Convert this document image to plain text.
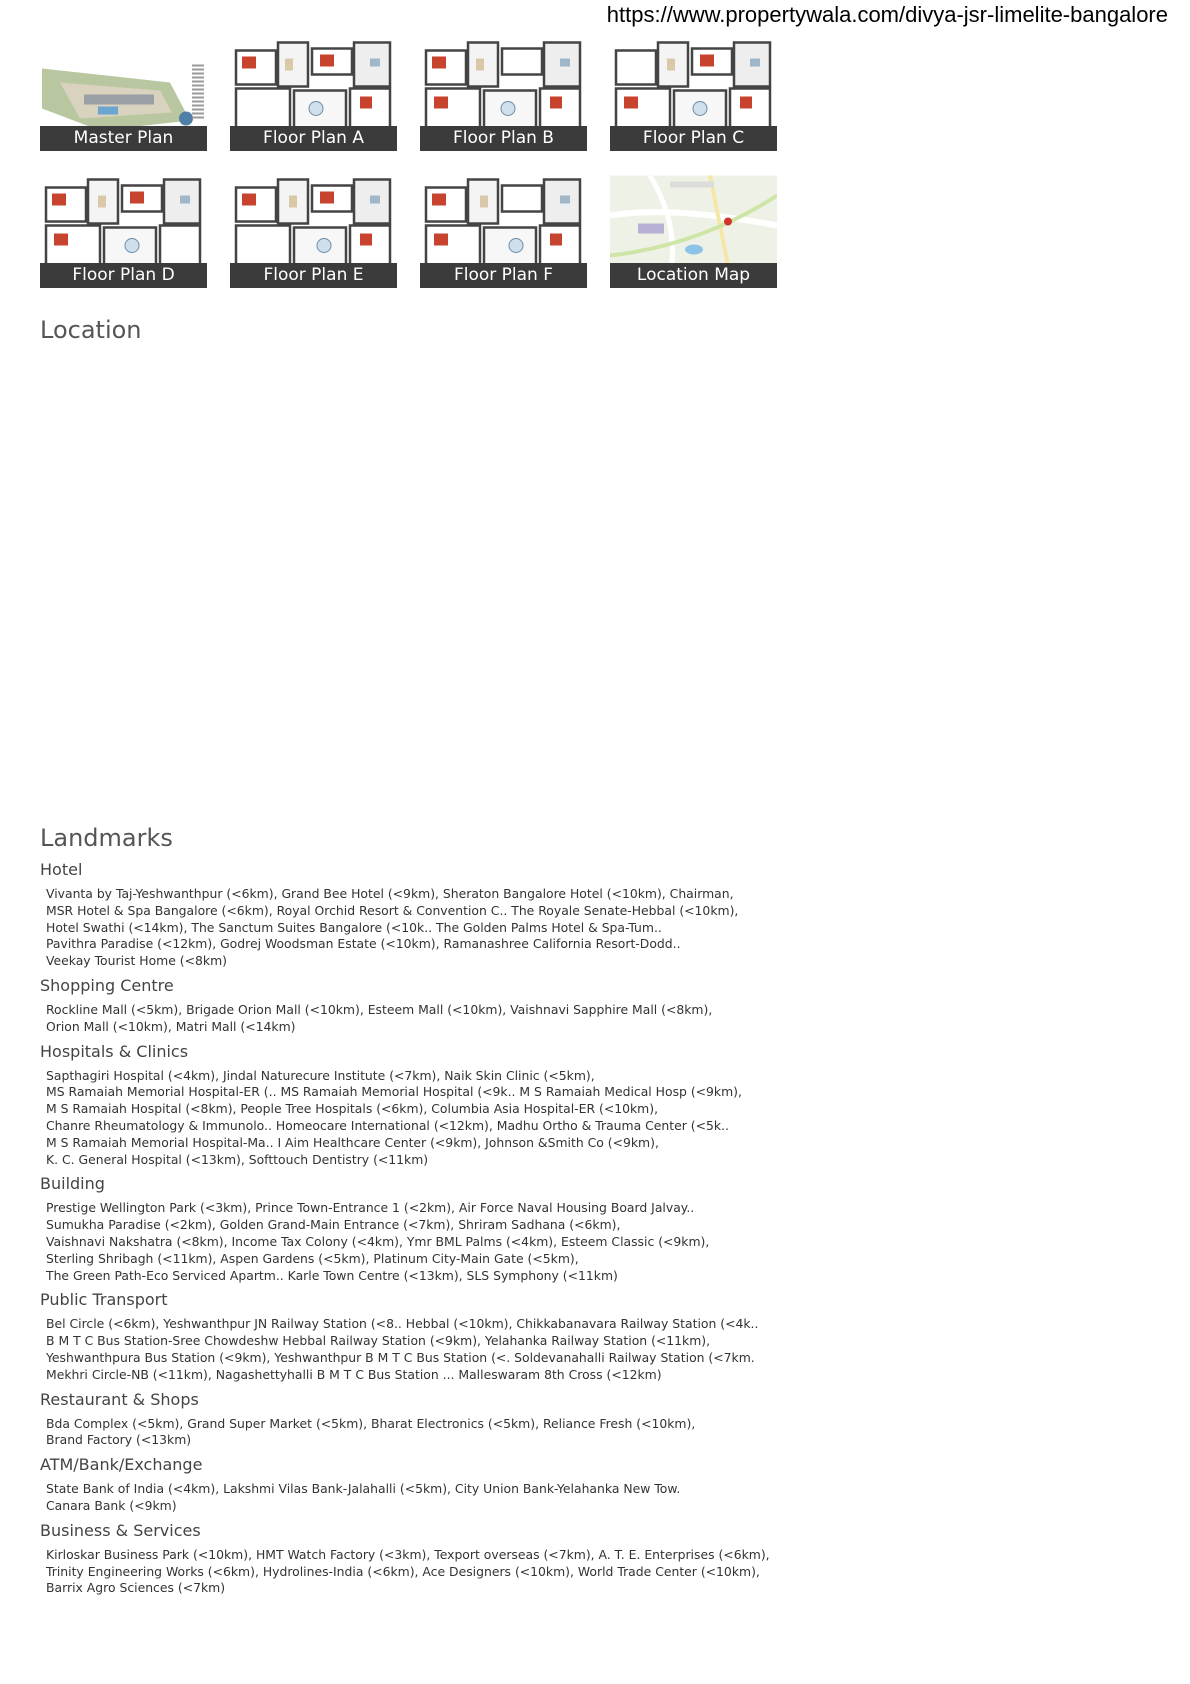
https://www.propertywala.com/divya-jsr-limelite-bangalore
Master Plan	Floor Plan A	Floor Plan B	Floor Plan C
Floor Plan D	Floor Plan E	Floor Plan F	Location Map
Location
Landmarks
Hotel
Vivanta by Taj-Yeshwanthpur (<6km), Grand Bee Hotel (<9km), Sheraton Bangalore Hotel (<10km), Chairman,
MSR Hotel & Spa Bangalore (<6km), Royal Orchid Resort & Convention C.. The Royale Senate-Hebbal (<10km),
Hotel Swathi (<14km), The Sanctum Suites Bangalore (<10k.. The Golden Palms Hotel & Spa-Tum..
Pavithra Paradise (<12km), Godrej Woodsman Estate (<10km), Ramanashree California Resort-Dodd..
Veekay Tourist Home (<8km)
Shopping Centre
Rockline Mall (<5km), Brigade Orion Mall (<10km), Esteem Mall (<10km), Vaishnavi Sapphire Mall (<8km),
Orion Mall (<10km), Matri Mall (<14km)
Hospitals & Clinics
Sapthagiri Hospital (<4km), Jindal Naturecure Institute (<7km), Naik Skin Clinic (<5km),
MS Ramaiah Memorial Hospital-ER (.. MS Ramaiah Memorial Hospital (<9k.. M S Ramaiah Medical Hosp (<9km),
M S Ramaiah Hospital (<8km), People Tree Hospitals (<6km), Columbia Asia Hospital-ER (<10km),
Chanre Rheumatology & Immunolo.. Homeocare International (<12km), Madhu Ortho & Trauma Center (<5k..
M S Ramaiah Memorial Hospital-Ma.. I Aim Healthcare Center (<9km), Johnson &Smith Co (<9km),
K. C. General Hospital (<13km), Softtouch Dentistry (<11km)
Building
Prestige Wellington Park (<3km), Prince Town-Entrance 1 (<2km), Air Force Naval Housing Board Jalvay..
Sumukha Paradise (<2km), Golden Grand-Main Entrance (<7km), Shriram Sadhana (<6km),
Vaishnavi Nakshatra (<8km), Income Tax Colony (<4km), Ymr BML Palms (<4km), Esteem Classic (<9km),
Sterling Shribagh (<11km), Aspen Gardens (<5km), Platinum City-Main Gate (<5km),
The Green Path-Eco Serviced Apartm.. Karle Town Centre (<13km), SLS Symphony (<11km)
Public Transport
Bel Circle (<6km), Yeshwanthpur JN Railway Station (<8.. Hebbal (<10km), Chikkabanavara Railway Station (<4k..
B M T C Bus Station-Sree Chowdeshw Hebbal Railway Station (<9km), Yelahanka Railway Station (<11km),
Yeshwanthpura Bus Station (<9km), Yeshwanthpur B M T C Bus Station (<. Soldevanahalli Railway Station (<7km.
Mekhri Circle-NB (<11km), Nagashettyhalli B M T C Bus Station ... Malleswaram 8th Cross (<12km)
Restaurant & Shops
Bda Complex (<5km), Grand Super Market (<5km), Bharat Electronics (<5km), Reliance Fresh (<10km),
Brand Factory (<13km)
ATM/Bank/Exchange
State Bank of India (<4km), Lakshmi Vilas Bank-Jalahalli (<5km), City Union Bank-Yelahanka New Tow.
Canara Bank (<9km)
Business & Services
Kirloskar Business Park (<10km), HMT Watch Factory (<3km), Texport overseas (<7km), A. T. E. Enterprises (<6km),
Trinity Engineering Works (<6km), Hydrolines-India (<6km), Ace Designers (<10km), World Trade Center (<10km),
Barrix Agro Sciences (<7km)
